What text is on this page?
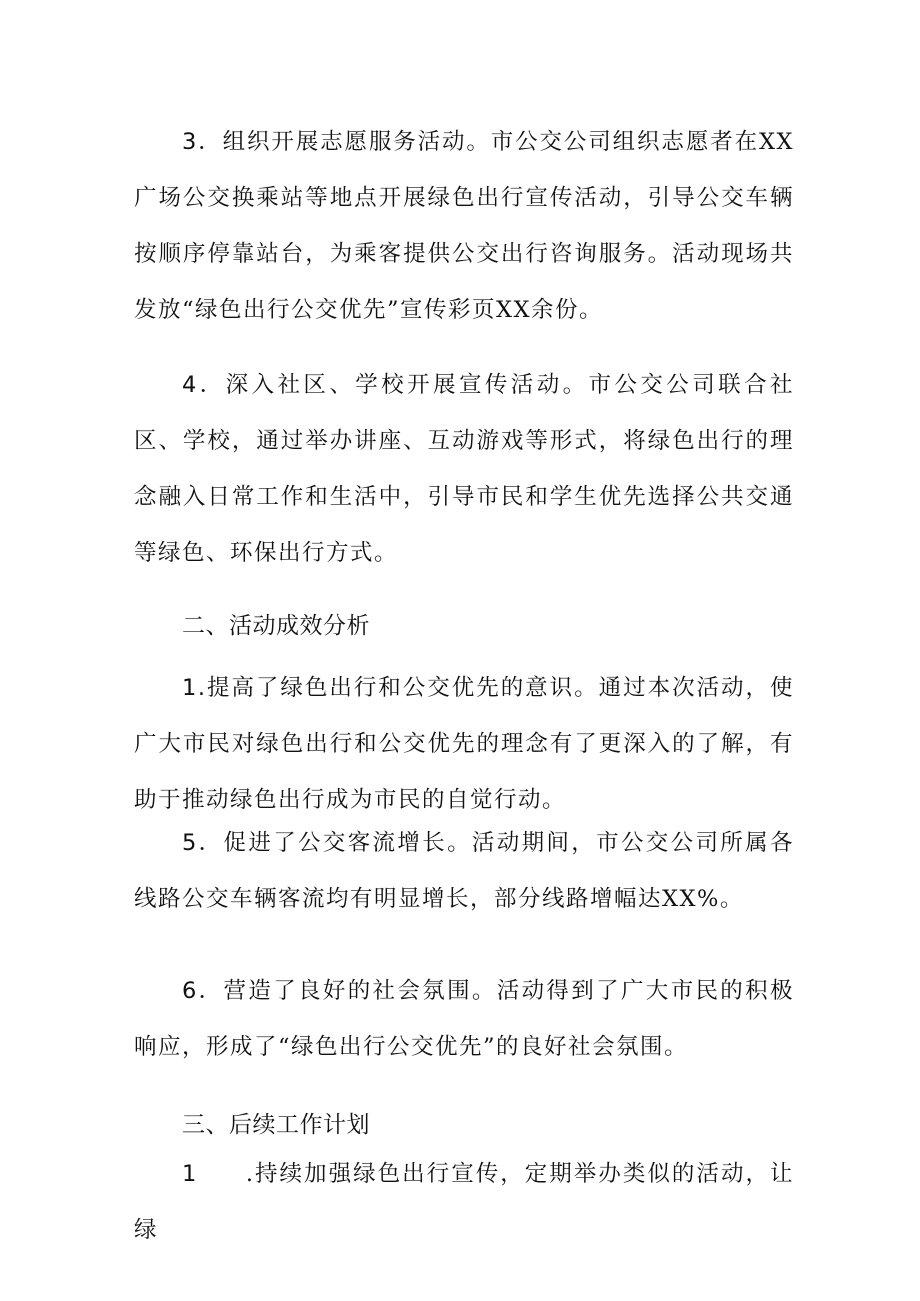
3．组织开展志愿服务活动。市公交公司组织志愿者在XX广场公交换乘站等地点开展绿色出行宣传活动，引导公交车辆按顺序停靠站台，为乘客提供公交出行咨询服务。活动现场共发放“绿色出行公交优先”宣传彩页XX余份。

4．深入社区、学校开展宣传活动。市公交公司联合社区、学校，通过举办讲座、互动游戏等形式，将绿色出行的理念融入日常工作和生活中，引导市民和学生优先选择公共交通等绿色、环保出行方式。

二、活动成效分析

1.提高了绿色出行和公交优先的意识。通过本次活动，使广大市民对绿色出行和公交优先的理念有了更深入的了解，有助于推动绿色出行成为市民的自觉行动。

5．促进了公交客流增长。活动期间，市公交公司所属各线路公交车辆客流均有明显增长，部分线路增幅达XX%。

6．营造了良好的社会氛围。活动得到了广大市民的积极响应，形成了“绿色出行公交优先”的良好社会氛围。

三、后续工作计划

1 .持续加强绿色出行宣传，定期举办类似的活动，让绿
